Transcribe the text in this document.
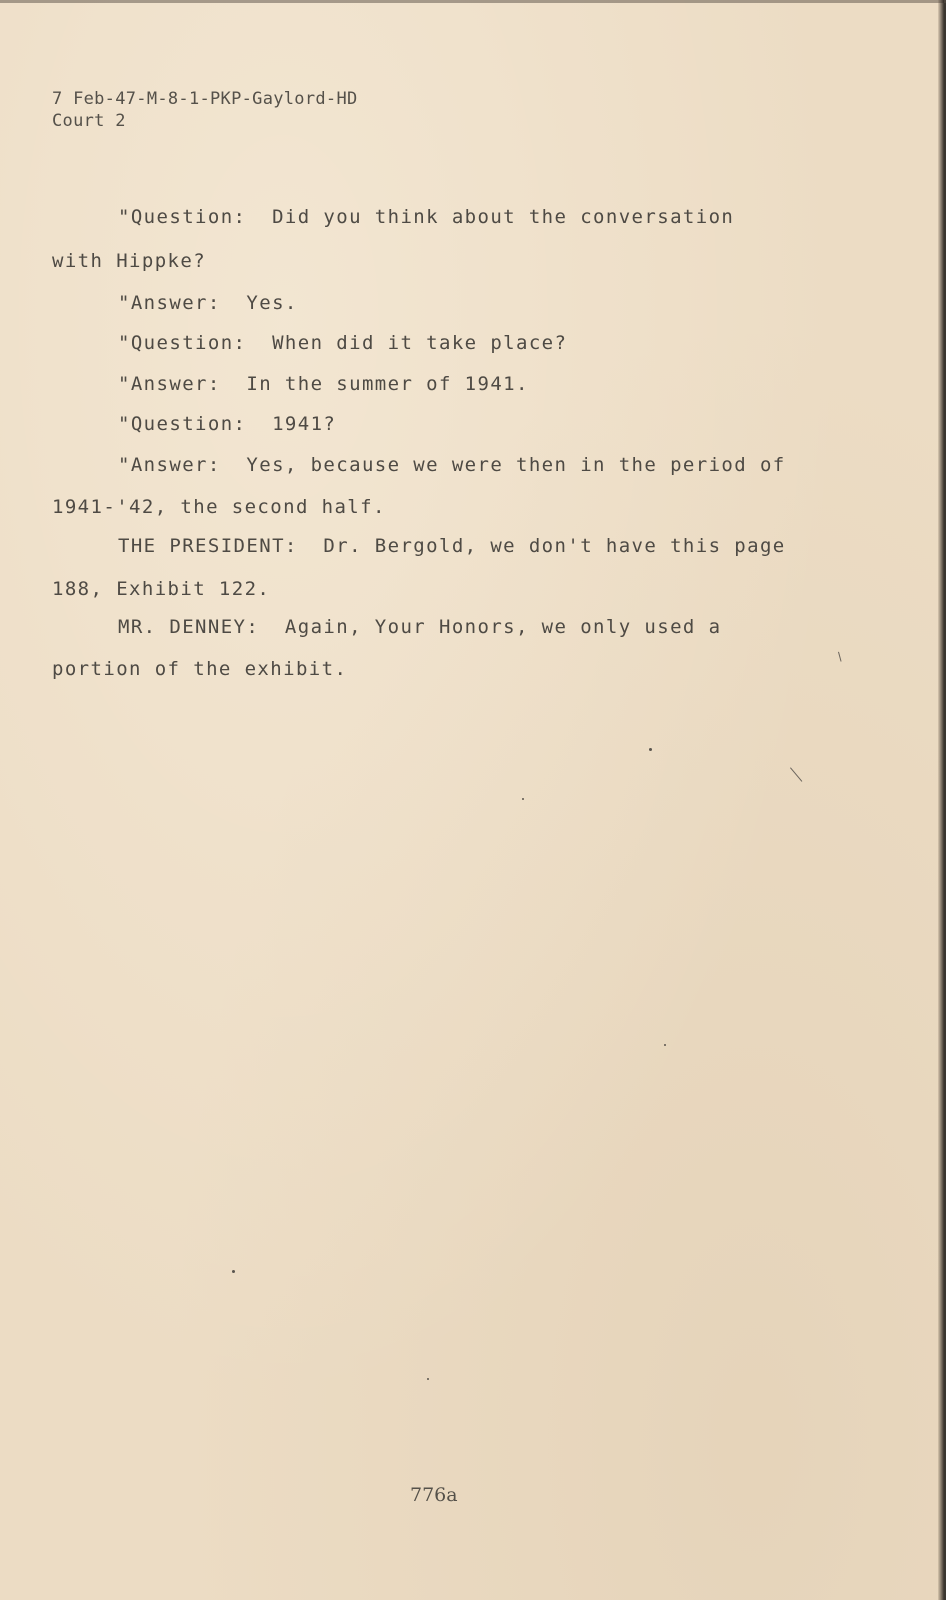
7 Feb-47-M-8-1-PKP-Gaylord-HD
Court 2
"Question:  Did you think about the conversation
with Hippke?
"Answer:  Yes.
"Question:  When did it take place?
"Answer:  In the summer of 1941.
"Question:  1941?
"Answer:  Yes, because we were then in the period of
1941-'42, the second half.
THE PRESIDENT:  Dr. Bergold, we don't have this page
188, Exhibit 122.
MR. DENNEY:  Again, Your Honors, we only used a
portion of the exhibit.
776a
